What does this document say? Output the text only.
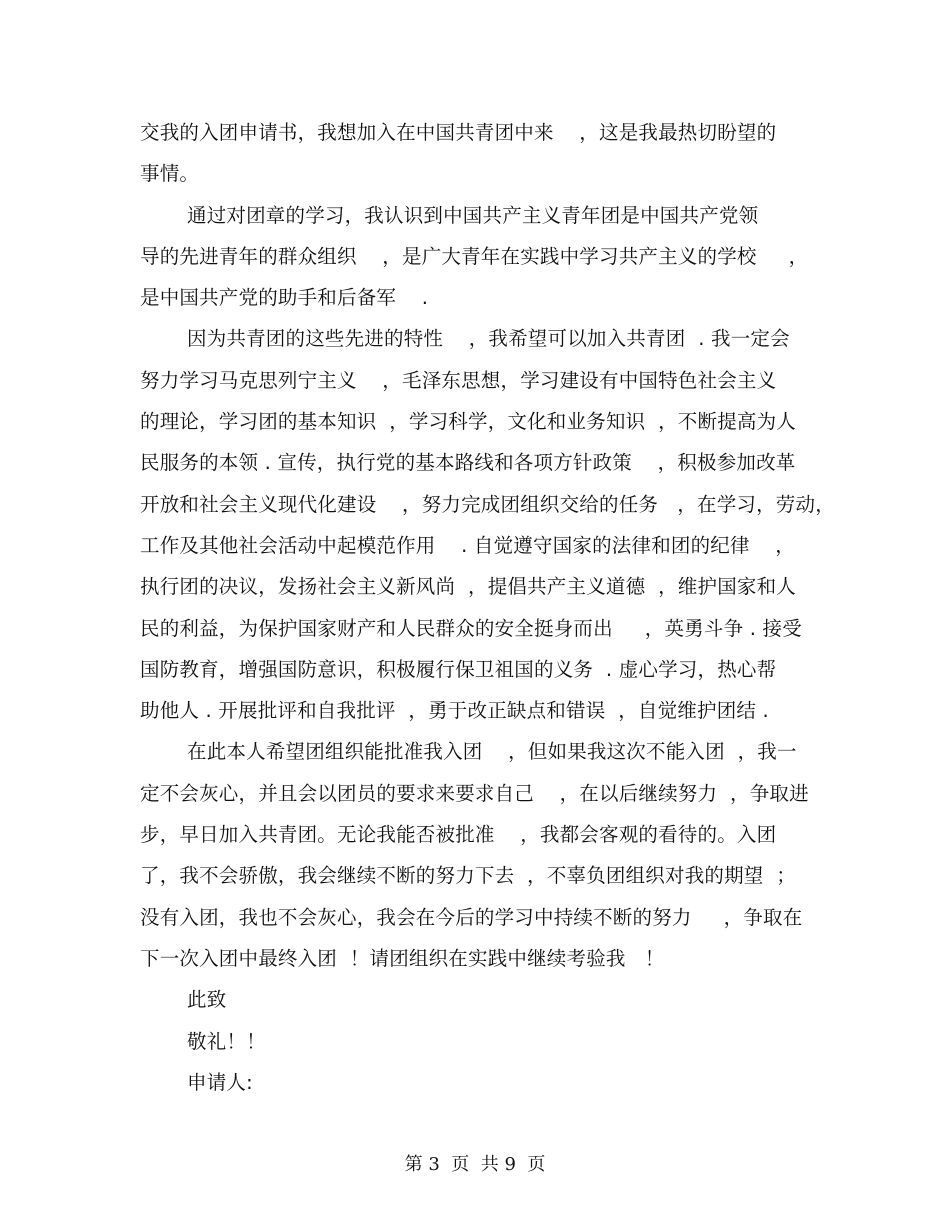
交我的入团申请书，我想加入在中国共青团中来    ，这是我最热切盼望的
事情。
通过对团章的学习，我认识到中国共产主义青年团是中国共产党领
导的先进青年的群众组织    ，是广大青年在实践中学习共产主义的学校     ，
是中国共产党的助手和后备军    .
因为共青团的这些先进的特性    ，我希望可以加入共青团  . 我一定会
努力学习马克思列宁主义    ，毛泽东思想，学习建设有中国特色社会主义
的理论，学习团的基本知识  ，学习科学，文化和业务知识  ，不断提高为人
民服务的本领 . 宣传，执行党的基本路线和各项方针政策    ，积极参加改革
开放和社会主义现代化建设    ，努力完成团组织交给的任务   ，在学习，劳动，
工作及其他社会活动中起模范作用    . 自觉遵守国家的法律和团的纪律    ，
执行团的决议，发扬社会主义新风尚  ，提倡共产主义道德  ，维护国家和人
民的利益，为保护国家财产和人民群众的安全挺身而出     ，英勇斗争 . 接受
国防教育，增强国防意识，积极履行保卫祖国的义务  . 虚心学习，热心帮
助他人 . 开展批评和自我批评  ，勇于改正缺点和错误  ，自觉维护团结 .
在此本人希望团组织能批准我入团    ，但如果我这次不能入团  ，我一
定不会灰心，并且会以团员的要求来要求自己    ，在以后继续努力  ，争取进
步，早日加入共青团。无论我能否被批准    ，我都会客观的看待的。入团
了，我不会骄傲，我会继续不断的努力下去  ，不辜负团组织对我的期望  ；
没有入团，我也不会灰心，我会在今后的学习中持续不断的努力     ，争取在
下一次入团中最终入团  ！请团组织在实践中继续考验我   ！
此致
敬礼！！
申请人:
第 3  页  共 9  页
